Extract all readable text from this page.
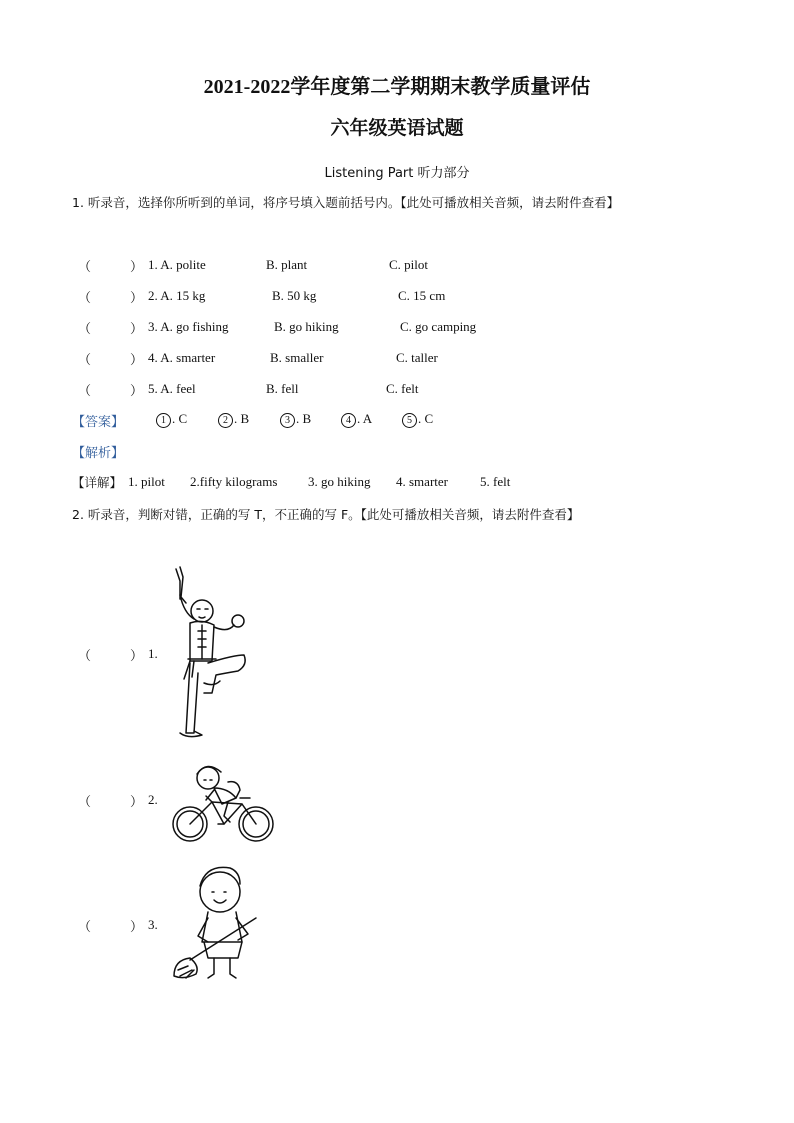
2021-2022学年度第二学期期末教学质量评估
六年级英语试题
Listening Part 听力部分
1. 听录音，选择你所听到的单词，将序号填入题前括号内。【此处可播放相关音频，请去附件查看】
（	） 1. A. polite	B. plant	C. pilot
（	） 2. A. 15 kg	B. 50 kg	C. 15 cm
（	） 3. A. go fishing	B. go hiking	C. go camping
（	） 4. A. smarter	B. smaller	C. taller
（	） 5. A. feel	B. fell	C. felt
【答案】	1 . C	2 . B	3 . B	4 . A	5 . C
【解析】
【详解】 1. pilot 2.fifty kilograms 3. go hiking 4. smarter 5. felt
2. 听录音，判断对错，正确的写 T，不正确的写 F。【此处可播放相关音频，请去附件查看】
（	） 1.
（	） 2.
（	） 3.
